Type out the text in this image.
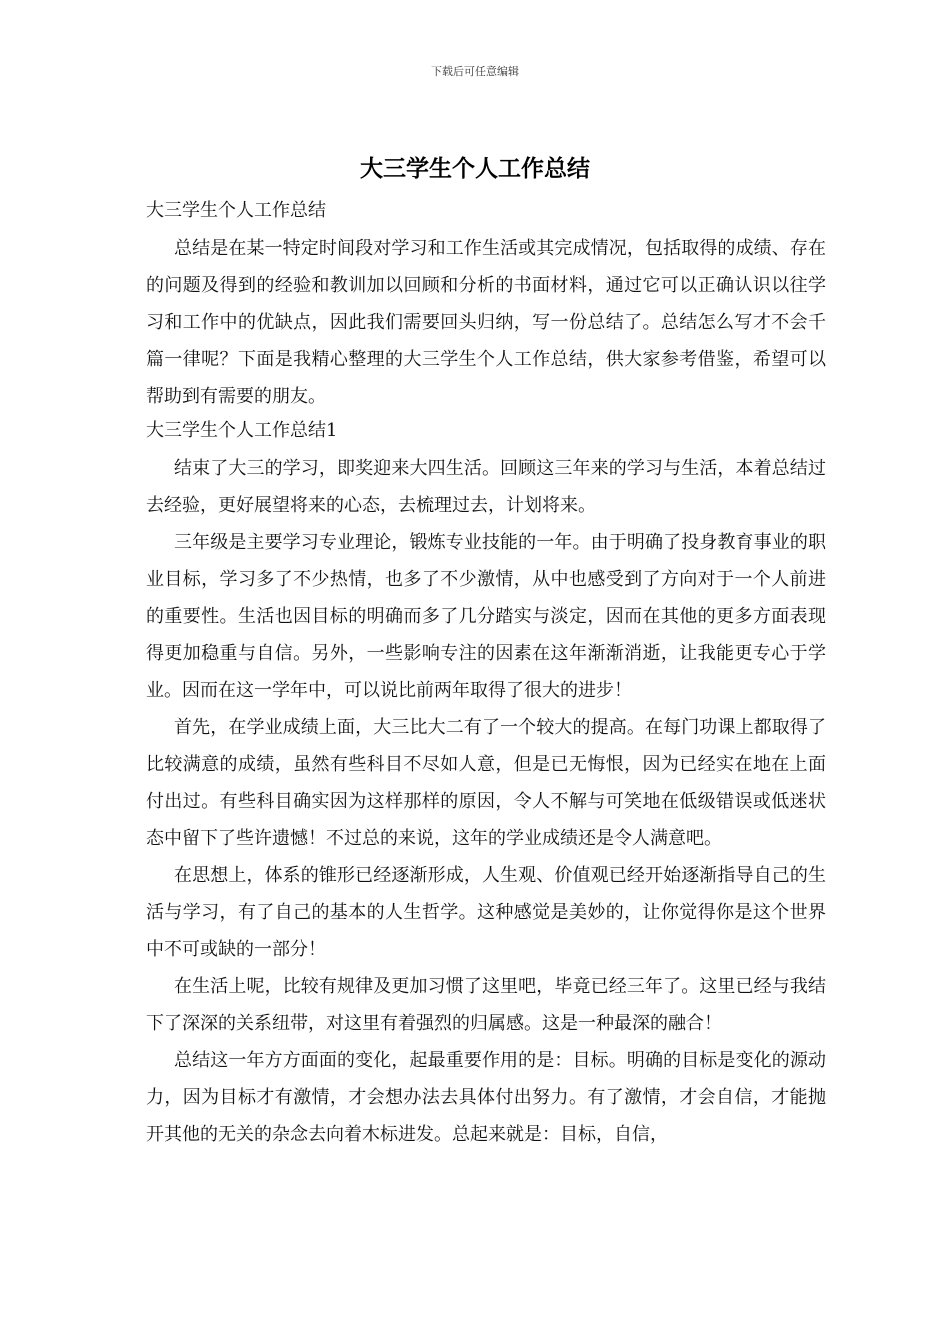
下载后可任意编辑
大三学生个人工作总结

大三学生个人工作总结

总结是在某一特定时间段对学习和工作生活或其完成情况，包括取得的成绩、存在的问题及得到的经验和教训加以回顾和分析的书面材料，通过它可以正确认识以往学习和工作中的优缺点，因此我们需要回头归纳，写一份总结了。总结怎么写才不会千篇一律呢？下面是我精心整理的大三学生个人工作总结，供大家参考借鉴，希望可以帮助到有需要的朋友。

大三学生个人工作总结1

结束了大三的学习，即奖迎来大四生活。回顾这三年来的学习与生活，本着总结过去经验，更好展望将来的心态，去梳理过去，计划将来。

三年级是主要学习专业理论，锻炼专业技能的一年。由于明确了投身教育事业的职业目标，学习多了不少热情，也多了不少激情，从中也感受到了方向对于一个人前进的重要性。生活也因目标的明确而多了几分踏实与淡定，因而在其他的更多方面表现得更加稳重与自信。另外，一些影响专注的因素在这年渐渐消逝，让我能更专心于学业。因而在这一学年中，可以说比前两年取得了很大的进步！

首先，在学业成绩上面，大三比大二有了一个较大的提高。在每门功课上都取得了比较满意的成绩，虽然有些科目不尽如人意，但是已无悔恨，因为已经实在地在上面付出过。有些科目确实因为这样那样的原因，令人不解与可笑地在低级错误或低迷状态中留下了些许遗憾！不过总的来说，这年的学业成绩还是令人满意吧。

在思想上，体系的锥形已经逐渐形成，人生观、价值观已经开始逐渐指导自己的生活与学习，有了自己的基本的人生哲学。这种感觉是美妙的，让你觉得你是这个世界中不可或缺的一部分！

在生活上呢，比较有规律及更加习惯了这里吧，毕竟已经三年了。这里已经与我结下了深深的关系纽带，对这里有着强烈的归属感。这是一种最深的融合！

总结这一年方方面面的变化，起最重要作用的是：目标。明确的目标是变化的源动力，因为目标才有激情，才会想办法去具体付出努力。有了激情，才会自信，才能抛开其他的无关的杂念去向着木标进发。总起来就是：目标，自信，
